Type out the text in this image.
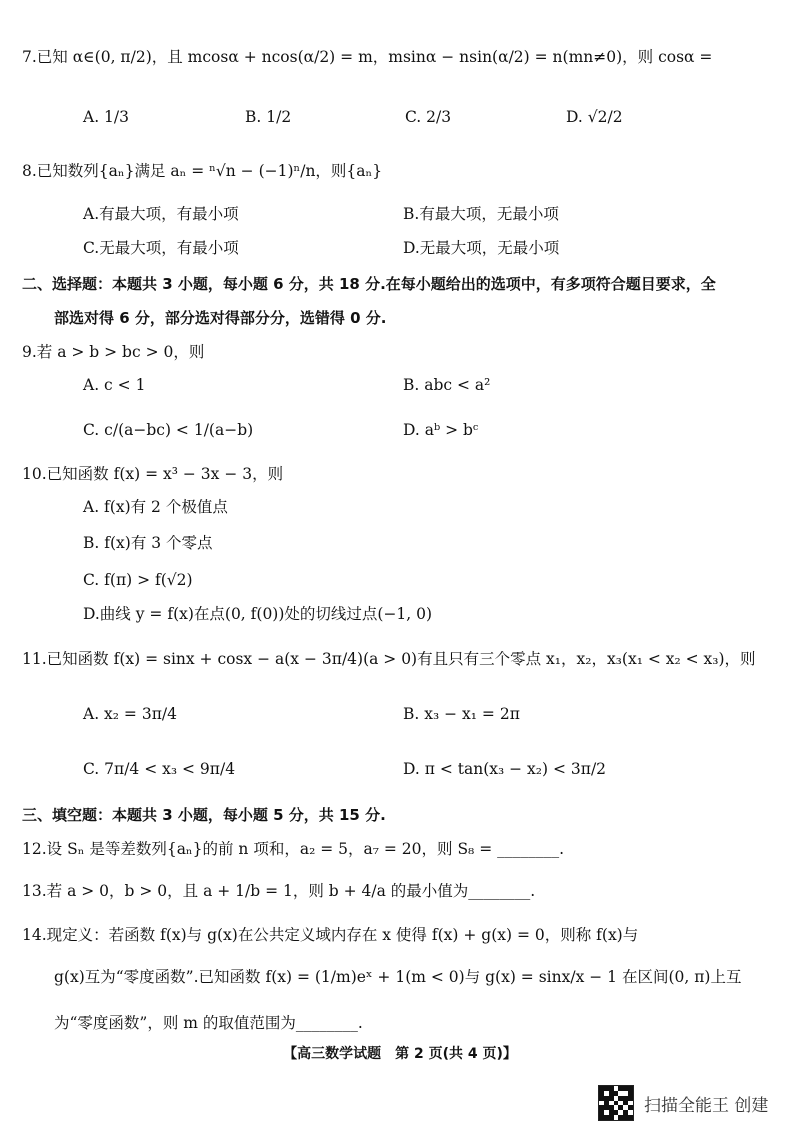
7.已知 α∈(0, π/2)，且 mcosα + ncos(α/2) = m，msinα − nsin(α/2) = n(mn≠0)，则 cosα =
A. 1/3	B. 1/2	C. 2/3	D. √2/2
8.已知数列{aₙ}满足 aₙ = ⁿ√n − (−1)ⁿ/n，则{aₙ}
A.有最大项，有最小项	B.有最大项，无最小项
C.无最大项，有最小项	D.无最大项，无最小项
二、选择题：本题共 3 小题，每小题 6 分，共 18 分.在每小题给出的选项中，有多项符合题目要求，全
部选对得 6 分，部分选对得部分分，选错得 0 分.
9.若 a > b > bc > 0，则
A. c < 1	B. abc < a²
C. c/(a−bc) < 1/(a−b)	D. aᵇ > bᶜ
10.已知函数 f(x) = x³ − 3x − 3，则
A. f(x)有 2 个极值点
B. f(x)有 3 个零点
C. f(π) > f(√2)
D.曲线 y = f(x)在点(0, f(0))处的切线过点(−1, 0)
11.已知函数 f(x) = sinx + cosx − a(x − 3π/4)(a > 0)有且只有三个零点 x₁，x₂，x₃(x₁ < x₂ < x₃)，则
A. x₂ = 3π/4	B. x₃ − x₁ = 2π
C. 7π/4 < x₃ < 9π/4	D. π < tan(x₃ − x₂) < 3π/2
三、填空题：本题共 3 小题，每小题 5 分，共 15 分.
12.设 Sₙ 是等差数列{aₙ}的前 n 项和，a₂ = 5，a₇ = 20，则 S₈ = ________.
13.若 a > 0，b > 0，且 a + 1/b = 1，则 b + 4/a 的最小值为________.
14.现定义：若函数 f(x)与 g(x)在公共定义域内存在 x 使得 f(x) + g(x) = 0，则称 f(x)与
g(x)互为“零度函数”.已知函数 f(x) = (1/m)eˣ + 1(m < 0)与 g(x) = sinx/x − 1 在区间(0, π)上互
为“零度函数”，则 m 的取值范围为________.
【高三数学试题　第 2 页(共 4 页)】
扫描全能王 创建
